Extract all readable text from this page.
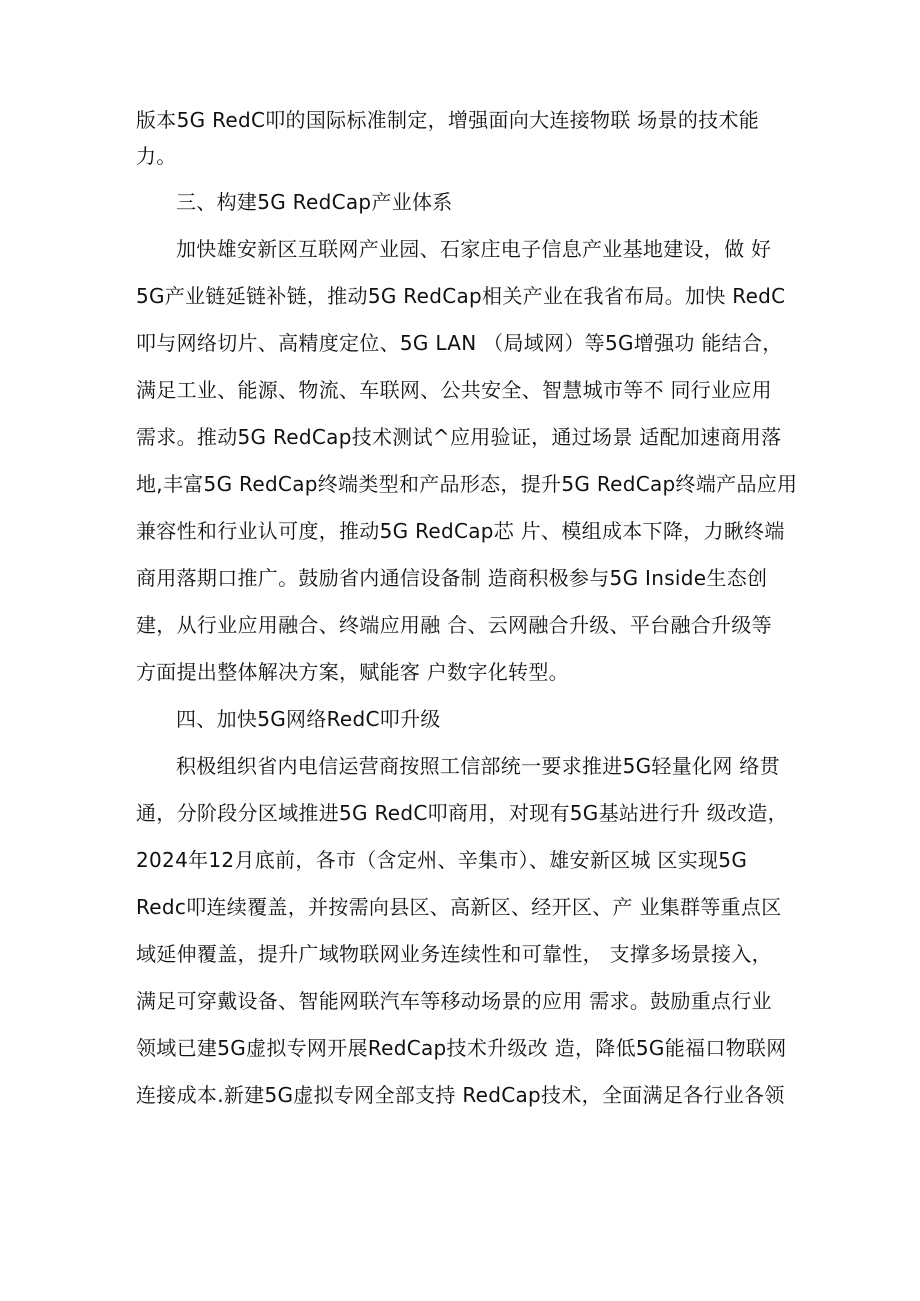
版本5G RedC叩的国际标准制定，增强面向大连接物联 场景的技术能
力。
三、构建5G RedCap产业体系
加快雄安新区互联网产业园、石家庄电子信息产业基地建设，做 好
5G产业链延链补链，推动5G RedCap相关产业在我省布局。加快 RedC
叩与网络切片、高精度定位、5G LAN （局域网）等5G增强功 能结合，
满足工业、能源、物流、车联网、公共安全、智慧城市等不 同行业应用
需求。推动5G RedCap技术测试^应用验证，通过场景 适配加速商用落
地,丰富5G RedCap终端类型和产品形态，提升5G RedCap终端产品应用
兼容性和行业认可度，推动5G RedCap芯 片、模组成本下降，力瞅终端
商用落期口推广。鼓励省内通信设备制 造商积极参与5G Inside生态创
建，从行业应用融合、终端应用融 合、云网融合升级、平台融合升级等
方面提出整体解决方案，赋能客 户数字化转型。
四、加快5G网络RedC叩升级
积极组织省内电信运营商按照工信部统一要求推进5G轻量化网 络贯
通，分阶段分区域推进5G RedC叩商用，对现有5G基站进行升 级改造，
2024年12月底前，各市（含定州、辛集市）、雄安新区城 区实现5G
Redc叩连续覆盖，并按需向县区、高新区、经开区、产 业集群等重点区
域延伸覆盖，提升广域物联网业务连续性和可靠性， 支撑多场景接入，
满足可穿戴设备、智能网联汽车等移动场景的应用 需求。鼓励重点行业
领域已建5G虚拟专网开展RedCap技术升级改 造，降低5G能福口物联网
连接成本.新建5G虚拟专网全部支持 RedCap技术，全面满足各行业各领
